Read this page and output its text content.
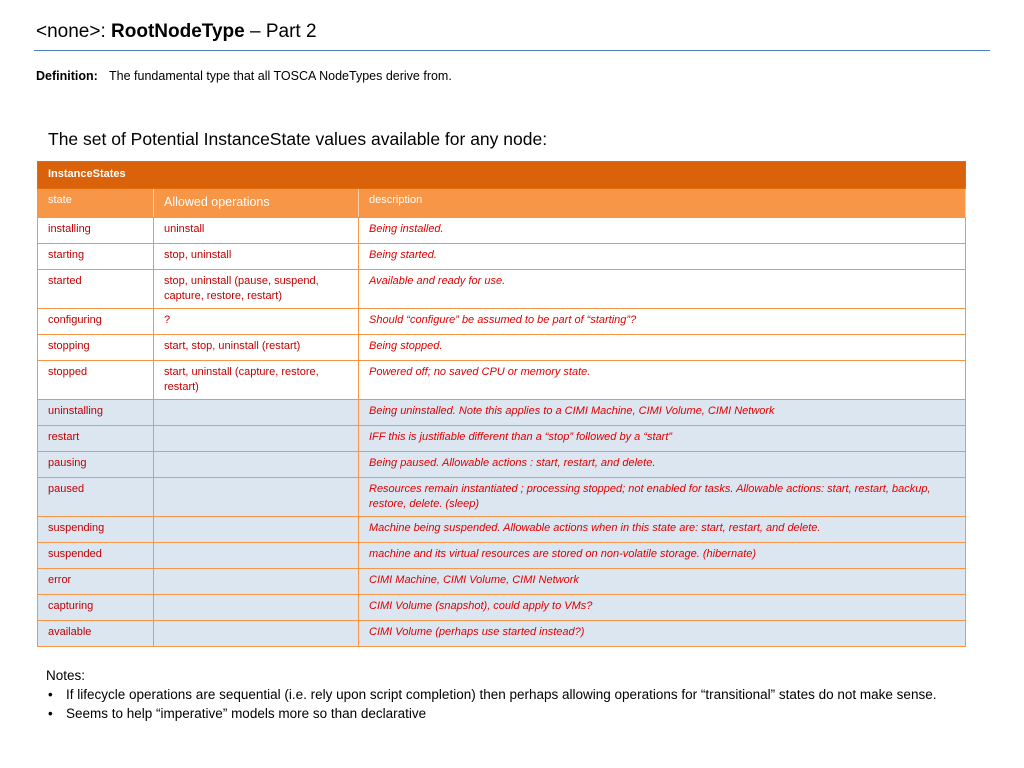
<none>: RootNodeType – Part 2
Definition: The fundamental type that all TOSCA NodeTypes derive from.
The set of Potential InstanceState values available for any node:
InstanceStates		
state	Allowed operations	description
installing	uninstall	Being installed.
starting	stop, uninstall	Being started.
started	stop, uninstall (pause, suspend, capture, restore, restart)	Available and ready for use.
configuring	?	Should “configure” be assumed to be part of “starting”?
stopping	start, stop, uninstall (restart)	Being stopped.
stopped	start, uninstall (capture, restore, restart)	Powered off; no saved CPU or memory state.
uninstalling		Being uninstalled. Note this applies to a CIMI Machine, CIMI Volume, CIMI Network
restart		IFF this is justifiable different than a “stop” followed by a “start”
pausing		Being paused. Allowable actions : start, restart, and delete.
paused		Resources remain instantiated ; processing stopped; not enabled for tasks. Allowable actions: start, restart, backup, restore, delete. (sleep)
suspending		Machine being suspended. Allowable actions when in this state are: start, restart, and delete.
suspended		machine and its virtual resources are stored on non-volatile storage. (hibernate)
error		CIMI Machine, CIMI Volume, CIMI Network
capturing		CIMI Volume (snapshot), could apply to VMs?
available		CIMI Volume (perhaps use started instead?)
Notes:
• If lifecycle operations are sequential (i.e. rely upon script completion) then perhaps allowing operations for “transitional” states do not make sense.
• Seems to help “imperative” models more so than declarative
